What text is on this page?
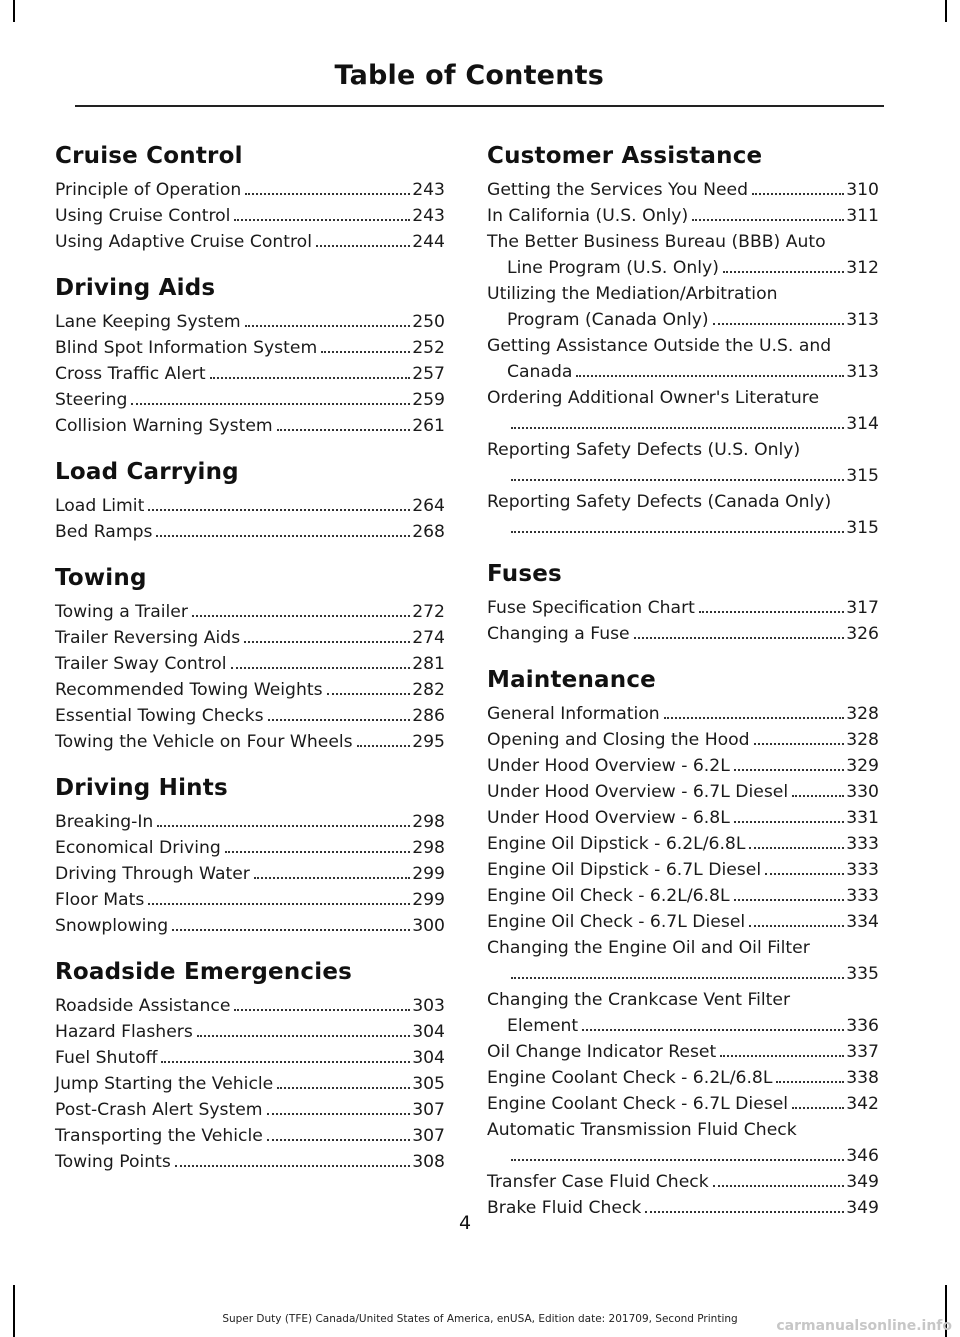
Table of Contents
Cruise Control
Principle of Operation	243
Using Cruise Control	243
Using Adaptive Cruise Control	244
Driving Aids
Lane Keeping System	250
Blind Spot Information System	252
Cross Traffic Alert	257
Steering	259
Collision Warning System	261
Load Carrying
Load Limit	264
Bed Ramps	268
Towing
Towing a Trailer	272
Trailer Reversing Aids	274
Trailer Sway Control	281
Recommended Towing Weights	282
Essential Towing Checks	286
Towing the Vehicle on Four Wheels	295
Driving Hints
Breaking-In	298
Economical Driving	298
Driving Through Water	299
Floor Mats	299
Snowplowing	300
Roadside Emergencies
Roadside Assistance	303
Hazard Flashers	304
Fuel Shutoff	304
Jump Starting the Vehicle	305
Post-Crash Alert System	307
Transporting the Vehicle	307
Towing Points	308
Customer Assistance
Getting the Services You Need	310
In California (U.S. Only)	311
The Better Business Bureau (BBB) Auto
Line Program (U.S. Only)	312
Utilizing the Mediation/Arbitration
Program (Canada Only)	313
Getting Assistance Outside the U.S. and
Canada	313
Ordering Additional Owner's Literature
314
Reporting Safety Defects (U.S. Only)
315
Reporting Safety Defects (Canada Only)
315
Fuses
Fuse Specification Chart	317
Changing a Fuse	326
Maintenance
General Information	328
Opening and Closing the Hood	328
Under Hood Overview - 6.2L	329
Under Hood Overview - 6.7L Diesel	330
Under Hood Overview - 6.8L	331
Engine Oil Dipstick - 6.2L/6.8L	333
Engine Oil Dipstick - 6.7L Diesel	333
Engine Oil Check - 6.2L/6.8L	333
Engine Oil Check - 6.7L Diesel	334
Changing the Engine Oil and Oil Filter
335
Changing the Crankcase Vent Filter
Element	336
Oil Change Indicator Reset	337
Engine Coolant Check - 6.2L/6.8L	338
Engine Coolant Check - 6.7L Diesel	342
Automatic Transmission Fluid Check
346
Transfer Case Fluid Check	349
Brake Fluid Check	349
4
Super Duty (TFE) Canada/United States of America, enUSA, Edition date: 201709, Second Printing	carmanualsonline.info
